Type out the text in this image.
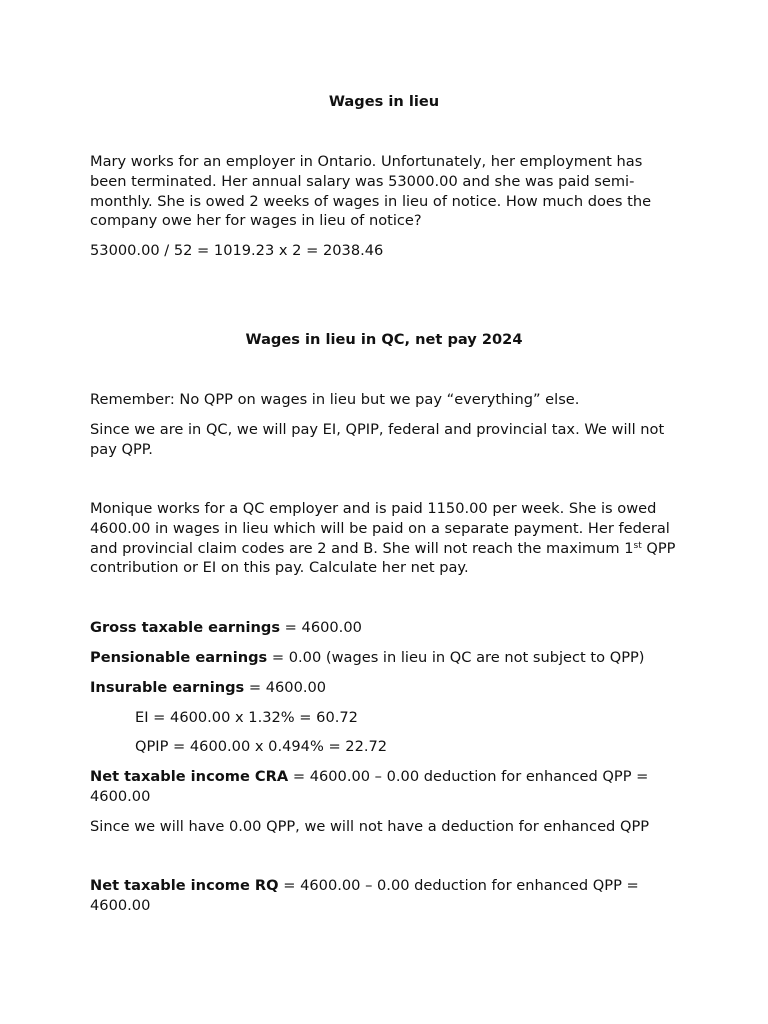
Wages in lieu

Mary works for an employer in Ontario. Unfortunately, her employment has been terminated. Her annual salary was 53000.00 and she was paid semi-monthly. She is owed 2 weeks of wages in lieu of notice. How much does the company owe her for wages in lieu of notice?

53000.00 / 52 = 1019.23 x 2 = 2038.46

Wages in lieu in QC, net pay 2024

Remember: No QPP on wages in lieu but we pay “everything” else.

Since we are in QC, we will pay EI, QPIP, federal and provincial tax. We will not pay QPP.

Monique works for a QC employer and is paid 1150.00 per week. She is owed 4600.00 in wages in lieu which will be paid on a separate payment. Her federal and provincial claim codes are 2 and B. She will not reach the maximum 1st QPP contribution or EI on this pay. Calculate her net pay.

Gross taxable earnings = 4600.00

Pensionable earnings = 0.00 (wages in lieu in QC are not subject to QPP)

Insurable earnings = 4600.00

EI = 4600.00 x 1.32% = 60.72

QPIP = 4600.00 x 0.494% = 22.72

Net taxable income CRA = 4600.00 – 0.00 deduction for enhanced QPP = 4600.00

Since we will have 0.00 QPP, we will not have a deduction for enhanced QPP

Net taxable income RQ = 4600.00 – 0.00 deduction for enhanced QPP = 4600.00
